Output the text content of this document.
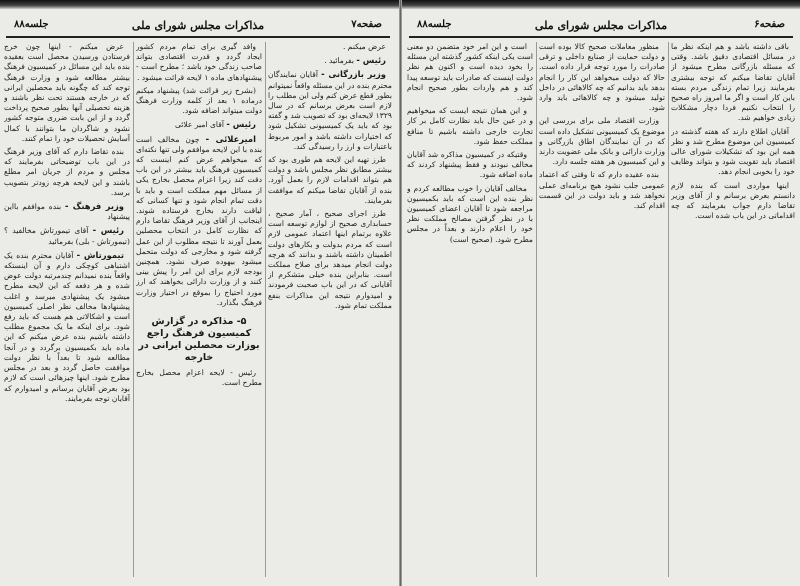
جلسه۸۸	مذاکرات مجلس شورای ملی	صفحه۷

عرض میکنم .

رئیس - بفرمائید .

وزیر بازرگانی - آقایان نمایندگان محترم بنده در این مسئله واقعاً نمیتوانم بطور قطع عرض کنم ولی این مطلب را لازم است بعرض برسانم که در سال ۱۳۲۹ لایحه‌ای بود که تصویب شد و گفته بود که باید یک کمیسیونی تشکیل شود که اختیارات داشته باشد و امور مربوط باعتبارات و ارز را رسیدگی کند.

طرز تهیه این لایحه هم طوری بود که بیشتر مطابق نظر مجلس باشد و دولت هم بتواند اقدامات لازم را بعمل آورد. بنده از آقایان تقاضا میکنم که موافقت بفرمایند.

طرز اجرای صحیح ، آمار صحیح ، حسابداری صحیح از لوازم توسعه است علاوه برتمام اینها اعتماد عمومی لازم است که مردم بدولت و بکارهای دولت اطمینان داشته باشند و بدانند که هرچه دولت انجام میدهد برای صلاح مملکت است. بنابراین بنده خیلی متشکرم از آقایانی که در این باب صحبت فرمودند و امیدوارم نتیجه این مذاکرات بنفع مملکت تمام شود.

وافد گیری برای تمام مردم کشور ایجاد گردد و قدرت اقتصادی بتواند صاحب زندگی خود باشد ؛ مطرح است - پیشنهادهای ماده ۱ لایحه قرائت میشود .

(بشرح زیر قرائت شد) پیشنهاد میکنم درماده ۱ بعد از کلمه وزارت فرهنگ دولت میتواند اضافه شود.

رئیس - آقای امیر علائی

امیرعلائی - چون مخالف است بنده با این لایحه موافقم ولی تنها نکته‌ای که میخواهم عرض کنم اینست که کمیسیون فرهنگ باید بیشتر در این باب دقت کند زیرا اعزام محصل بخارج یکی از مسائل مهم مملکت است و باید با دقت تمام انجام شود و تنها کسانی که لیاقت دارند بخارج فرستاده شوند. اینجانب از آقای وزیر فرهنگ تقاضا دارم که نظارت کامل در انتخاب محصلین بعمل آورند تا نتیجه مطلوب از این عمل گرفته شود و مخارجی که دولت متحمل میشود بیهوده صرف نشود. همچنین بودجه لازم برای این امر را پیش بینی کنند و از وزارت دارائی بخواهند که ارز مورد احتیاج را بموقع در اختیار وزارت فرهنگ بگذارد.

۵- مذاکره در گزارش کمیسیون فرهنگ راجع بوزارت محصلین ایرانی در خارجه

رئیس - لایحه اعزام محصل بخارج مطرح است.

عرض میکنم - اینها چون خرج فرستادن ورسیدن محصل است بعقیده بنده باید این مسائل در کمیسیون فرهنگ بیشتر مطالعه شود و وزارت فرهنگ توجه کند که چگونه باید محصلین ایرانی که در خارجه هستند تحت نظر باشند و هزینه تحصیلی آنها بطور صحیح پرداخت گردد و از این بابت ضرری متوجه کشور نشود و شاگردان ما بتوانند با کمال آسایش تحصیلات خود را تمام کنند.

بنده تقاضا دارم که آقای وزیر فرهنگ در این باب توضیحاتی بفرمایند که مجلس و مردم از جریان امر مطلع باشند و این لایحه هرچه زودتر بتصویب برسد.

وزیر فرهنگ - بنده موافقم بااین پیشنهاد

رئیس - آقای تیمورتاش مخالفید ؟ (تیمورتاش - بلی) بفرمائید

تیمورتاش - آقایان محترم بنده یک اشتباهی کوچکی دارم و آن اینستکه واقعاً بنده نمیدانم چندمرتبه دولت عوض شده و هر دفعه که این لایحه مطرح میشود یک پیشنهادی میرسد و اغلب پیشنهادها مخالف نظر اصلی کمیسیون است و اشکالاتی هم هست که باید رفع شود. برای اینکه ما یک مجموع مطلب داشته باشیم بنده عرض میکنم که این ماده باید بکمیسیون برگردد و در آنجا مطالعه شود تا بعداً با نظر دولت موافقت حاصل گردد و بعد در مجلس مطرح شود. اینها چیزهائی است که لازم بود بعرض آقایان برسانم و امیدوارم که آقایان توجه بفرمایند.

جلسه۸۸	مذاکرات مجلس شورای ملی	صفحه۶

باقی داشته باشد و هم اینکه نظر ما در مسائل اقتصادی دقیق باشد. وقتی که مسئله بازرگانی مطرح میشود از آقایان تقاضا میکنم که توجه بیشتری بفرمایند زیرا تمام زندگی مردم بسته باین کار است و اگر ما امروز راه صحیح را انتخاب نکنیم فردا دچار مشکلات زیادی خواهیم شد.

آقایان اطلاع دارند که هفته گذشته در کمیسیون این موضوع مطرح شد و نظر همه این بود که تشکیلات شورای عالی اقتصاد باید تقویت شود و بتواند وظایف خود را بخوبی انجام دهد.

اینها مواردی است که بنده لازم دانستم بعرض برسانم و از آقای وزیر تقاضا دارم جواب بفرمایند که چه اقداماتی در این باب شده است.

منظور معاملات صحیح کالا بوده است و دولت حمایت از صنایع داخلی و ترقی صادرات را مورد توجه قرار داده است. حالا که دولت میخواهد این کار را انجام بدهد باید بدانیم که چه کالاهائی در داخل تولید میشود و چه کالاهائی باید وارد شود.

وزارت اقتصاد ملی برای بررسی این موضوع یک کمیسیونی تشکیل داده است که در آن نمایندگان اطاق بازرگانی و وزارت دارائی و بانک ملی عضویت دارند و این کمیسیون هر هفته جلسه دارد.

بنده عقیده دارم که تا وقتی که اعتماد عمومی جلب نشود هیچ برنامه‌ای عملی نخواهد شد و باید دولت در این قسمت اقدام کند.

است و این امر خود متضمن دو معنی است یکی اینکه کشور گذشته این مسئله را بخود دیده است و اکنون هم نظر دولت اینست که صادرات باید توسعه پیدا کند و هم واردات بطور صحیح انجام شود.

و این همان نتیجه ایست که میخواهیم و در عین حال باید نظارت کامل بر کار تجارت خارجی داشته باشیم تا منافع مملکت حفظ شود.

وقتیکه در کمیسیون مذاکره شد آقایان مخالف نبودند و فقط پیشنهاد کردند که ماده اضافه شود.

مخالف آقایان را خوب مطالعه کردم و نظر بنده این است که باید بکمیسیون مراجعه شود تا آقایان اعضای کمیسیون با در نظر گرفتن مصالح مملکت نظر خود را اعلام دارند و بعداً در مجلس مطرح شود. (صحیح است)
